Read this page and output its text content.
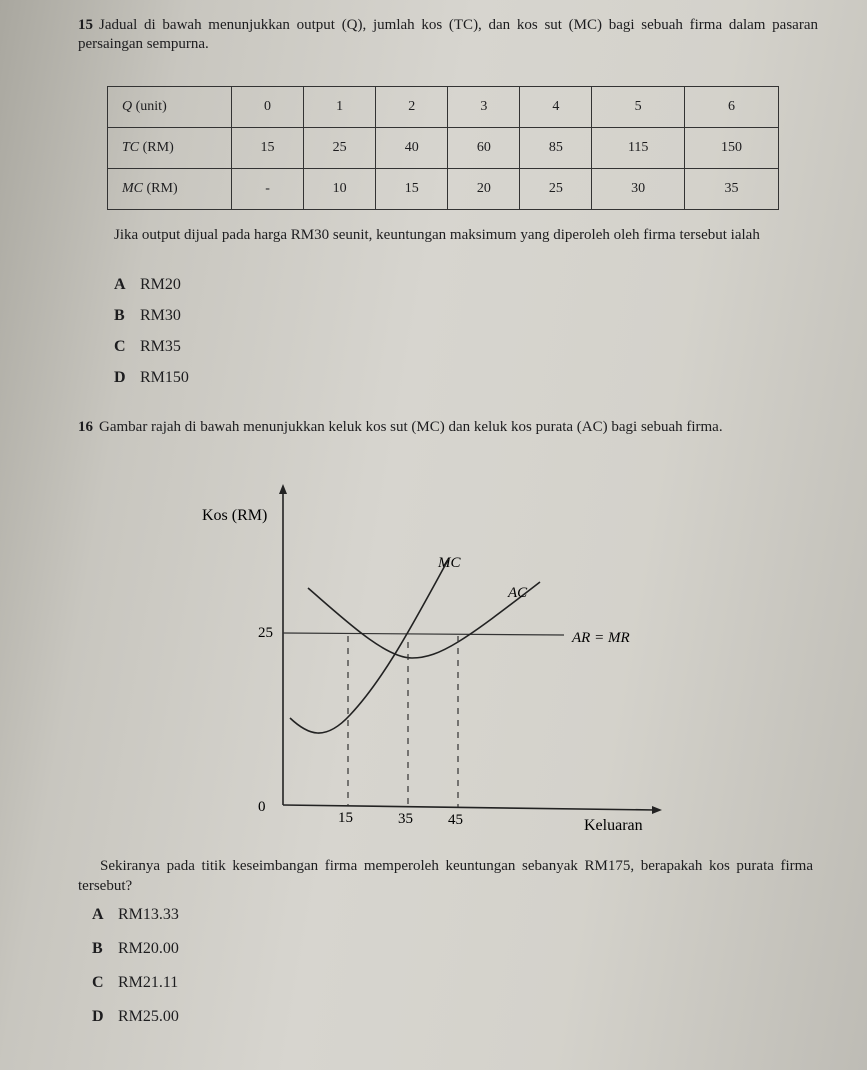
15 Jadual di bawah menunjukkan output (Q), jumlah kos (TC), dan kos sut (MC) bagi sebuah firma dalam pasaran persaingan sempurna.
Q (unit)	0	1	2	3	4	5	6
TC (RM)	15	25	40	60	85	115	150
MC (RM)	-	10	15	20	25	30	35
Jika output dijual pada harga RM30 seunit, keuntungan maksimum yang diperoleh oleh firma tersebut ialah
A RM20
B RM30
C RM35
D RM150
16 Gambar rajah di bawah menunjukkan keluk kos sut (MC) dan keluk kos purata (AC) bagi sebuah firma.
Kos (RM)
0
25	AR = MR
AC
MC
15	35 45	Keluaran
Sekiranya pada titik keseimbangan firma memperoleh keuntungan sebanyak RM175, berapakah kos purata firma tersebut?
A RM13.33
B RM20.00
C RM21.11
D RM25.00
